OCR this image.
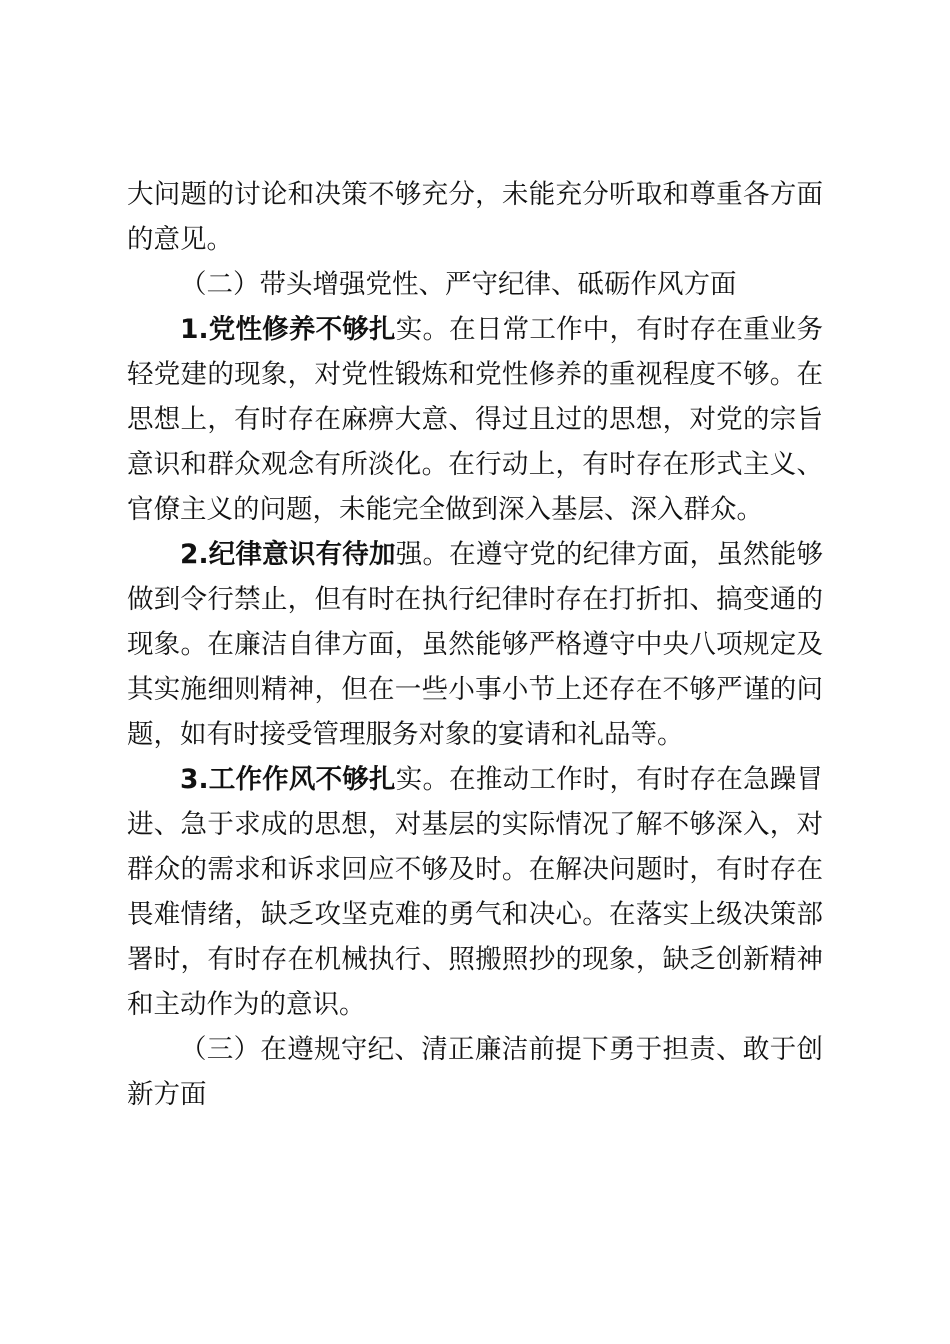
大问题的讨论和决策不够充分，未能充分听取和尊重各方面的意见。

（二）带头增强党性、严守纪律、砥砺作风方面

1.党性修养不够扎实。在日常工作中，有时存在重业务轻党建的现象，对党性锻炼和党性修养的重视程度不够。在思想上，有时存在麻痹大意、得过且过的思想，对党的宗旨意识和群众观念有所淡化。在行动上，有时存在形式主义、官僚主义的问题，未能完全做到深入基层、深入群众。

2.纪律意识有待加强。在遵守党的纪律方面，虽然能够做到令行禁止，但有时在执行纪律时存在打折扣、搞变通的现象。在廉洁自律方面，虽然能够严格遵守中央八项规定及其实施细则精神，但在一些小事小节上还存在不够严谨的问题，如有时接受管理服务对象的宴请和礼品等。

3.工作作风不够扎实。在推动工作时，有时存在急躁冒进、急于求成的思想，对基层的实际情况了解不够深入，对群众的需求和诉求回应不够及时。在解决问题时，有时存在畏难情绪，缺乏攻坚克难的勇气和决心。在落实上级决策部署时，有时存在机械执行、照搬照抄的现象，缺乏创新精神和主动作为的意识。

（三）在遵规守纪、清正廉洁前提下勇于担责、敢于创新方面
